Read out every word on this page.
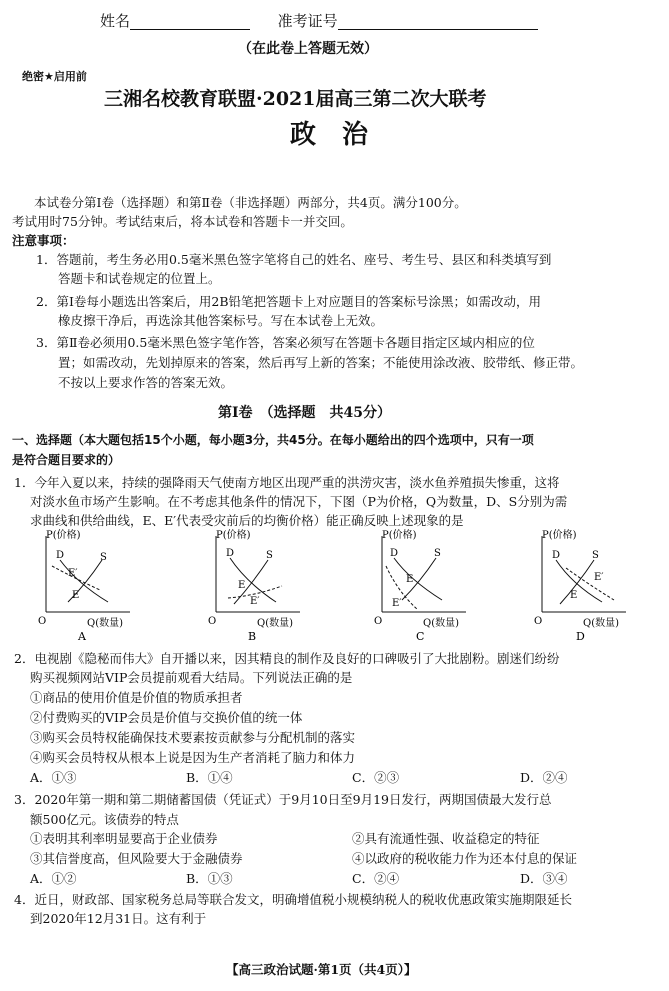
姓名	准考证号
（在此卷上答题无效）
绝密★启用前
三湘名校教育联盟·2021届高三第二次大联考
政　治
本试卷分第Ⅰ卷（选择题）和第Ⅱ卷（非选择题）两部分，共4页。满分100分。
考试用时75分钟。考试结束后，将本试卷和答题卡一并交回。
注意事项：
1．答题前，考生务必用0.5毫米黑色签字笔将自己的姓名、座号、考生号、县区和科类填写到
答题卡和试卷规定的位置上。
2．第Ⅰ卷每小题选出答案后，用2B铅笔把答题卡上对应题目的答案标号涂黑；如需改动，用
橡皮擦干净后，再选涂其他答案标号。写在本试卷上无效。
3．第Ⅱ卷必须用0.5毫米黑色签字笔作答，答案必须写在答题卡各题目指定区域内相应的位
置；如需改动，先划掉原来的答案，然后再写上新的答案；不能使用涂改液、胶带纸、修正带。
不按以上要求作答的答案无效。
第Ⅰ卷　（选择题　共45分）
一、选择题（本大题包括15个小题，每小题3分，共45分。在每小题给出的四个选项中，只有一项
是符合题目要求的）
1．今年入夏以来，持续的强降雨天气使南方地区出现严重的洪涝灾害，淡水鱼养殖损失惨重，这将
对淡水鱼市场产生影响。在不考虑其他条件的情况下，下图（P为价格，Q为数量，D、S分别为需
求曲线和供给曲线，E、E′代表受灾前后的均衡价格）能正确反映上述现象的是
P(价格)
Q(数量)
O
D	S
E′
E
A
P(价格)
Q(数量)
O
D	S
E
E′
B
P(价格)
Q(数量)
O
D	S
E
E′
C
P(价格)
Q(数量)
O
D	S
E′
E
D
2．电视剧《隐秘而伟大》自开播以来，因其精良的制作及良好的口碑吸引了大批剧粉。剧迷们纷纷
购买视频网站VIP会员提前观看大结局。下列说法正确的是
①商品的使用价值是价值的物质承担者
②付费购买的VIP会员是价值与交换价值的统一体
③购买会员特权能确保技术要素按贡献参与分配机制的落实
④购买会员特权从根本上说是因为生产者消耗了脑力和体力
A．①③	B．①④	C．②③	D．②④
3．2020年第一期和第二期储蓄国债（凭证式）于9月10日至9月19日发行，两期国债最大发行总
额500亿元。该债券的特点
①表明其利率明显要高于企业债券	②具有流通性强、收益稳定的特征
③其信誉度高，但风险要大于金融债券	④以政府的税收能力作为还本付息的保证
A．①②	B．①③	C．②④	D．③④
4．近日，财政部、国家税务总局等联合发文，明确增值税小规模纳税人的税收优惠政策实施期限延长
到2020年12月31日。这有利于
【高三政治试题·第1页（共4页）】
